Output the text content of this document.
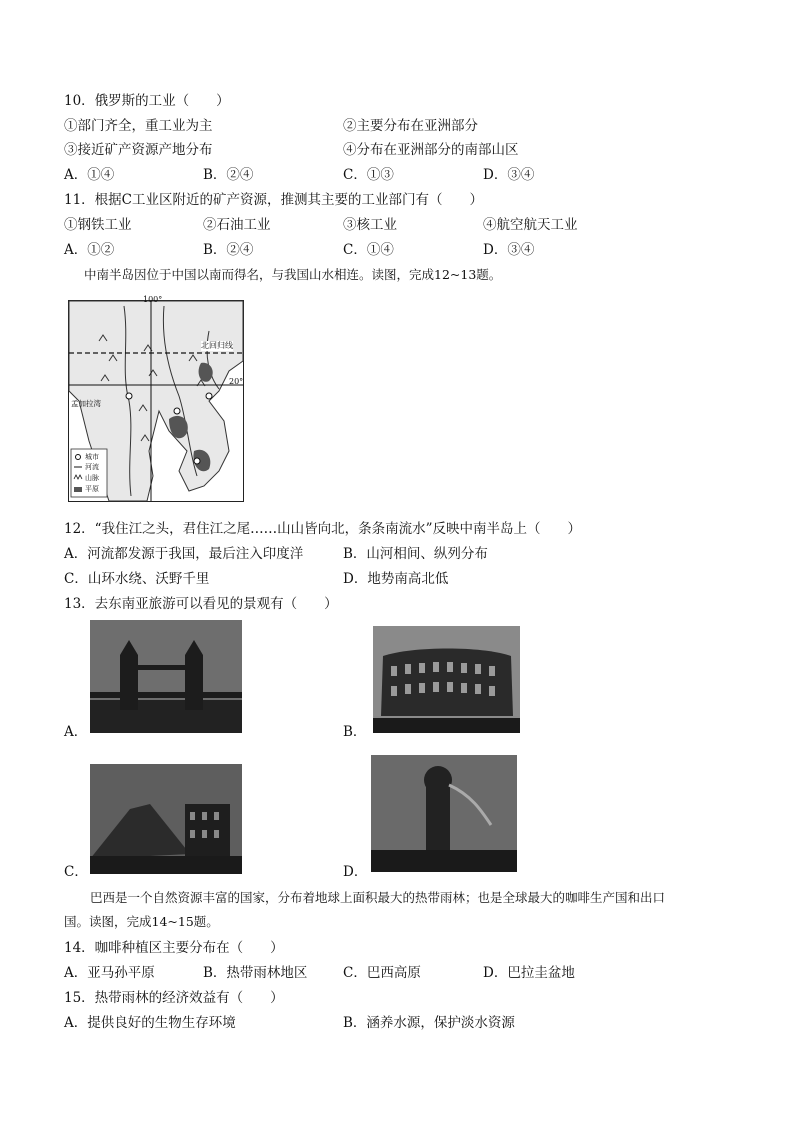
10．俄罗斯的工业（　　）
①部门齐全，重工业为主	②主要分布在亚洲部分
③接近矿产资源产地分布	④分布在亚洲部分的南部山区
A．①④	B．②④	C．①③	D．③④
11．根据C工业区附近的矿产资源，推测其主要的工业部门有（　　）
①钢铁工业	②石油工业	③核工业	④航空航天工业
A．①②	B．②④	C．①④	D．③④
中南半岛因位于中国以南而得名，与我国山水相连。读图，完成12~13题。
100°
北回归线
20°
孟加拉湾
城市
河流
山脉
平原
12．“我住江之头，君住江之尾……山山皆向北，条条南流水”反映中南半岛上（　　）
A．河流都发源于我国，最后注入印度洋	B．山河相间、纵列分布
C．山环水绕、沃野千里	D．地势南高北低
13．去东南亚旅游可以看见的景观有（　　）
A．	B．
C．	D．
巴西是一个自然资源丰富的国家，分布着地球上面积最大的热带雨林；也是全球最大的咖啡生产国和出口
国。读图，完成14~15题。
14．咖啡种植区主要分布在（　　）
A．亚马孙平原	B．热带雨林地区	C．巴西高原	D．巴拉圭盆地
15．热带雨林的经济效益有（　　）
A．提供良好的生物生存环境	B．涵养水源，保护淡水资源
